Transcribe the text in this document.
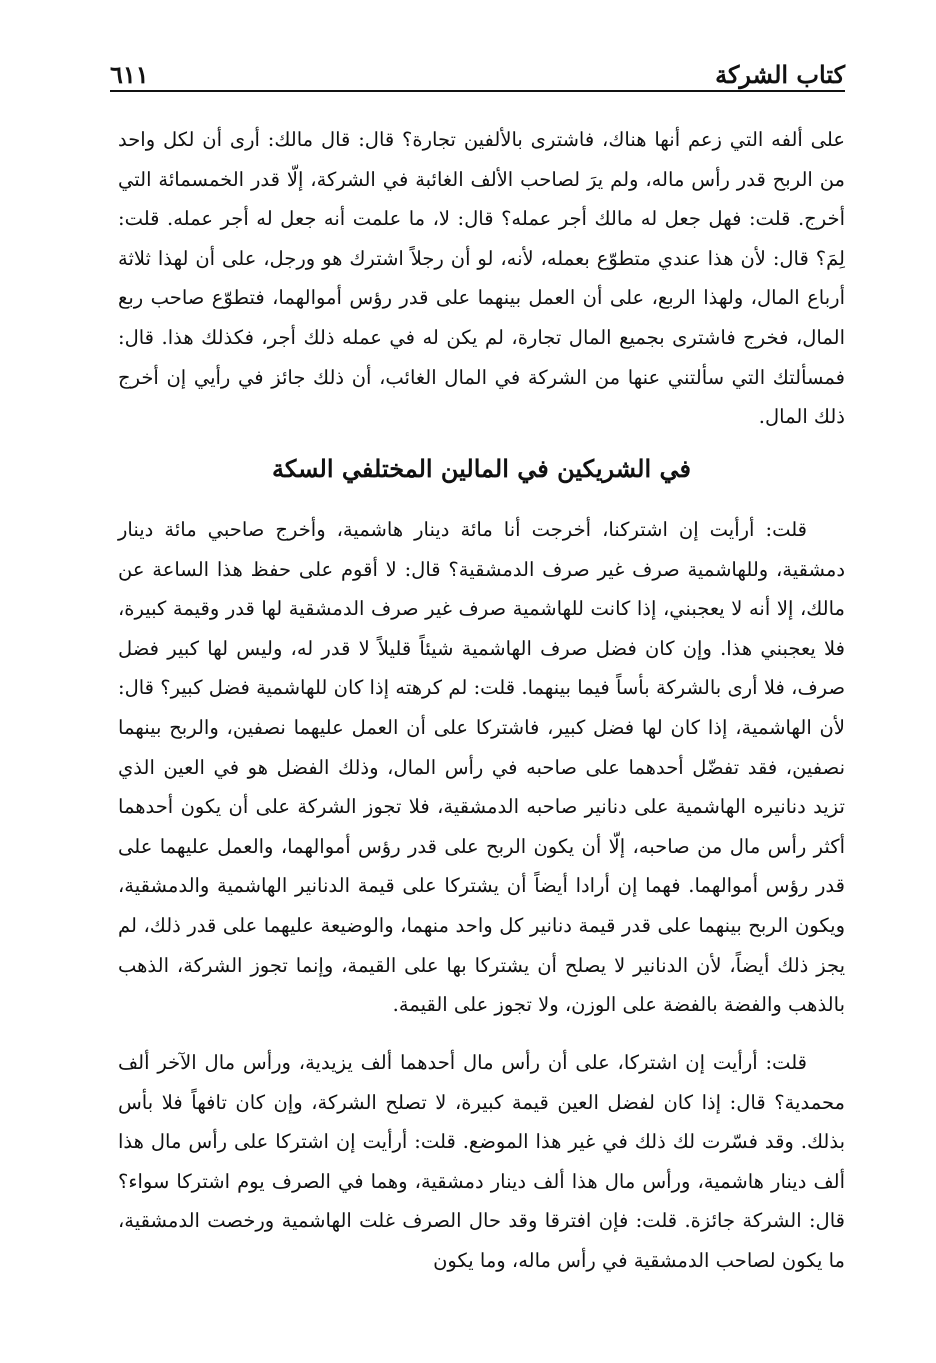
كتاب الشركة
٦١١

على ألفه التي زعم أنها هناك، فاشترى بالألفين تجارة؟ قال: قال مالك: أرى أن لكل واحد من الربح قدر رأس ماله، ولم يرَ لصاحب الألف الغائبة في الشركة، إلّا قدر الخمسمائة التي أخرج. قلت: فهل جعل له مالك أجر عمله؟ قال: لا، ما علمت أنه جعل له أجر عمله. قلت: لِمَ؟ قال: لأن هذا عندي متطوّع بعمله، لأنه، لو أن رجلاً اشترك هو ورجل، على أن لهذا ثلاثة أرباع المال، ولهذا الربع، على أن العمل بينهما على قدر رؤس أموالهما، فتطوّع صاحب ربع المال، فخرج فاشترى بجميع المال تجارة، لم يكن له في عمله ذلك أجر، فكذلك هذا. قال: فمسألتك التي سألتني عنها من الشركة في المال الغائب، أن ذلك جائز في رأيي إن أخرج ذلك المال.

في الشريكين في المالين المختلفي السكة

قلت: أرأيت إن اشتركنا، أخرجت أنا مائة دينار هاشمية، وأخرج صاحبي مائة دينار دمشقية، وللهاشمية صرف غير صرف الدمشقية؟ قال: لا أقوم على حفظ هذا الساعة عن مالك، إلا أنه لا يعجبني، إذا كانت للهاشمية صرف غير صرف الدمشقية لها قدر وقيمة كبيرة، فلا يعجبني هذا. وإن كان فضل صرف الهاشمية شيئاً قليلاً لا قدر له، وليس لها كبير فضل صرف، فلا أرى بالشركة بأساً فيما بينهما. قلت: لم كرهته إذا كان للهاشمية فضل كبير؟ قال: لأن الهاشمية، إذا كان لها فضل كبير، فاشتركا على أن العمل عليهما نصفين، والربح بينهما نصفين، فقد تفضّل أحدهما على صاحبه في رأس المال، وذلك الفضل هو في العين الذي تزيد دنانيره الهاشمية على دنانير صاحبه الدمشقية، فلا تجوز الشركة على أن يكون أحدهما أكثر رأس مال من صاحبه، إلّا أن يكون الربح على قدر رؤس أموالهما، والعمل عليهما على قدر رؤس أموالهما. فهما إن أرادا أيضاً أن يشتركا على قيمة الدنانير الهاشمية والدمشقية، ويكون الربح بينهما على قدر قيمة دنانير كل واحد منهما، والوضيعة عليهما على قدر ذلك، لم يجز ذلك أيضاً، لأن الدنانير لا يصلح أن يشتركا بها على القيمة، وإنما تجوز الشركة، الذهب بالذهب والفضة بالفضة على الوزن، ولا تجوز على القيمة.

قلت: أرأيت إن اشتركا، على أن رأس مال أحدهما ألف يزيدية، ورأس مال الآخر ألف محمدية؟ قال: إذا كان لفضل العين قيمة كبيرة، لا تصلح الشركة، وإن كان تافهاً فلا بأس بذلك. وقد فسّرت لك ذلك في غير هذا الموضع. قلت: أرأيت إن اشتركا على رأس مال هذا ألف دينار هاشمية، ورأس مال هذا ألف دينار دمشقية، وهما في الصرف يوم اشتركا سواء؟ قال: الشركة جائزة. قلت: فإن افترقا وقد حال الصرف غلت الهاشمية ورخصت الدمشقية، ما يكون لصاحب الدمشقية في رأس ماله، وما يكون
